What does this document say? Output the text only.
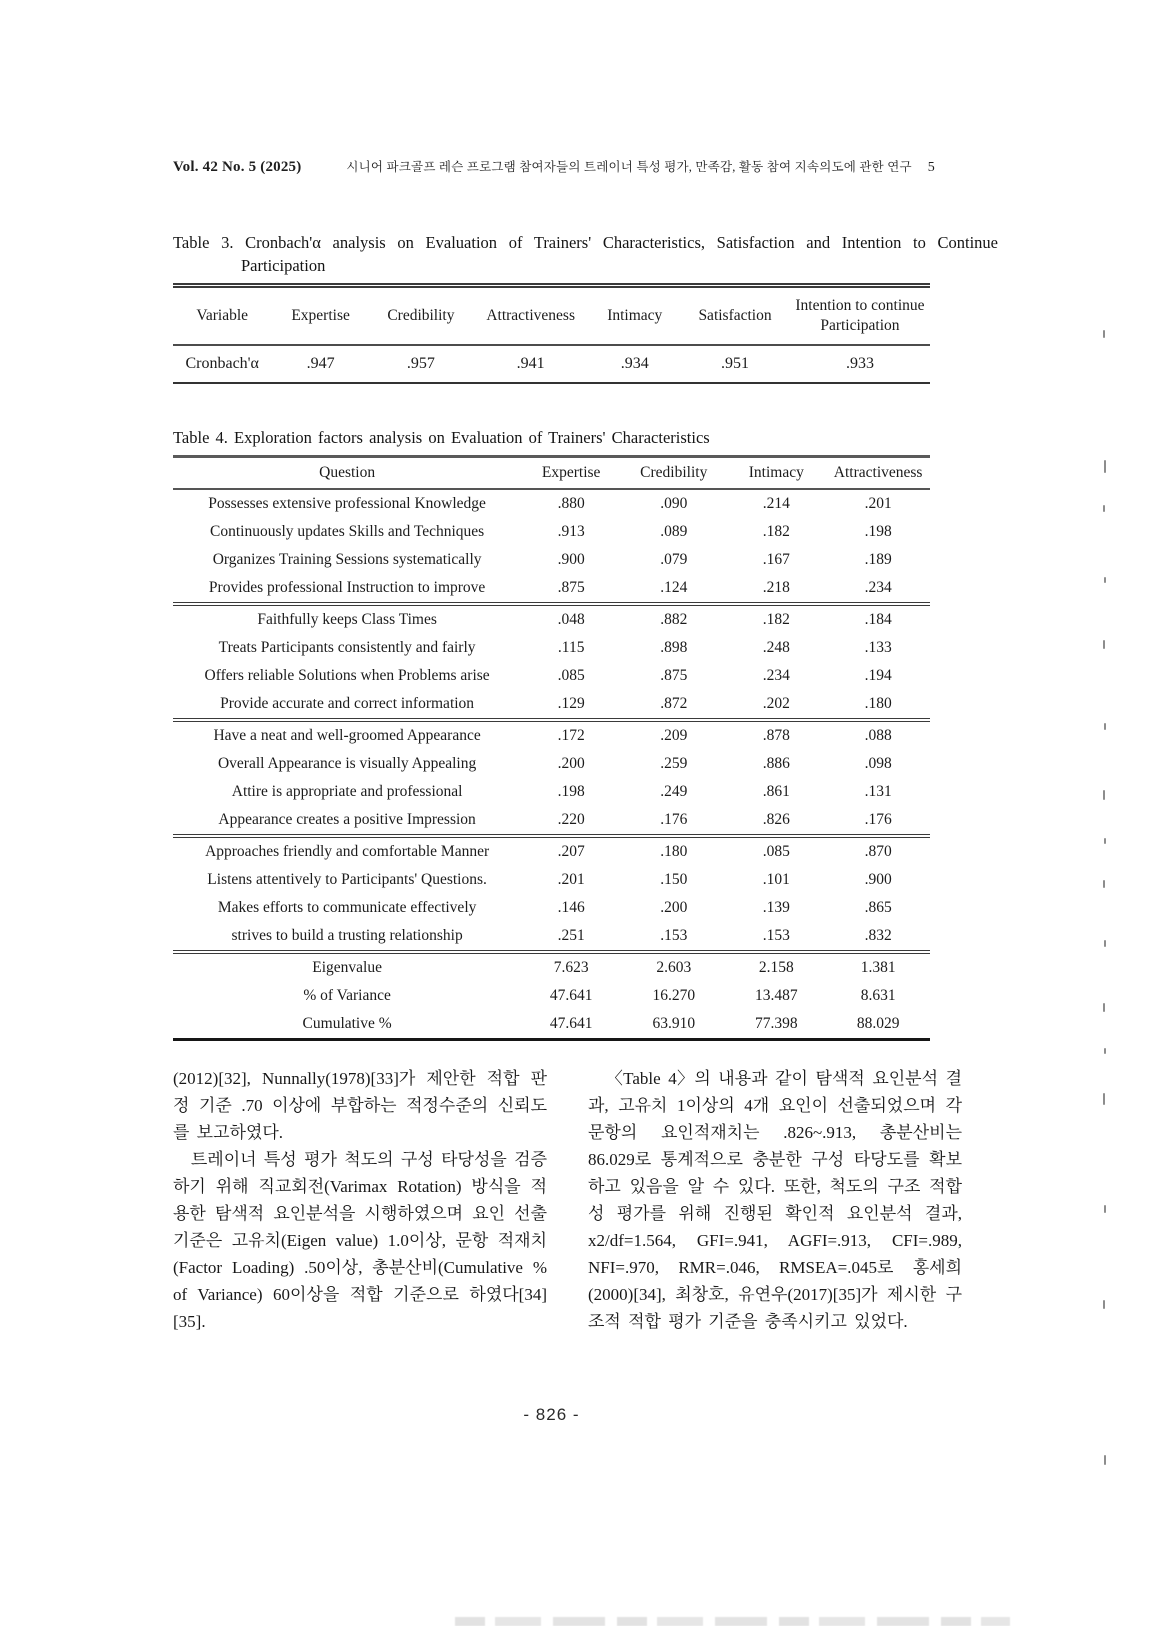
Vol. 42 No. 5 (2025)	시니어 파크골프 레슨 프로그램 참여자들의 트레이너 특성 평가, 만족감, 활동 참여 지속의도에 관한 연구 5
Table 3. Cronbach'α analysis on Evaluation of Trainers' Characteristics, Satisfaction and Intention to Continue Participation
Variable	Expertise	Credibility	Attractiveness	Intimacy	Satisfaction	Intention to continue Participation
Cronbach'α	.947	.957	.941	.934	.951	.933
Table 4. Exploration factors analysis on Evaluation of Trainers' Characteristics
Question	Expertise	Credibility	Intimacy	Attractiveness
Possesses extensive professional Knowledge	.880	.090	.214	.201
Continuously updates Skills and Techniques	.913	.089	.182	.198
Organizes Training Sessions systematically	.900	.079	.167	.189
Provides professional Instruction to improve	.875	.124	.218	.234
Faithfully keeps Class Times	.048	.882	.182	.184
Treats Participants consistently and fairly	.115	.898	.248	.133
Offers reliable Solutions when Problems arise	.085	.875	.234	.194
Provide accurate and correct information	.129	.872	.202	.180
Have a neat and well-groomed Appearance	.172	.209	.878	.088
Overall Appearance is visually Appealing	.200	.259	.886	.098
Attire is appropriate and professional	.198	.249	.861	.131
Appearance creates a positive Impression	.220	.176	.826	.176
Approaches friendly and comfortable Manner	.207	.180	.085	.870
Listens attentively to Participants' Questions.	.201	.150	.101	.900
Makes efforts to communicate effectively	.146	.200	.139	.865
strives to build a trusting relationship	.251	.153	.153	.832
Eigenvalue	7.623	2.603	2.158	1.381
% of Variance	47.641	16.270	13.487	8.631
Cumulative %	47.641	63.910	77.398	88.029

(2012)[32], Nunnally(1978)[33]가 제안한 적합 판정 기준 .70 이상에 부합하는 적정수준의 신뢰도를 보고하였다.

트레이너 특성 평가 척도의 구성 타당성을 검증하기 위해 직교회전(Varimax Rotation) 방식을 적용한 탐색적 요인분석을 시행하였으며 요인 선출 기준은 고유치(Eigen value) 1.0이상, 문항 적재치(Factor Loading) .50이상, 총분산비(Cumulative % of Variance) 60이상을 적합 기준으로 하였다[34][35].

〈Table 4〉의 내용과 같이 탐색적 요인분석 결과, 고유치 1이상의 4개 요인이 선출되었으며 각 문항의 요인적재치는 .826~.913, 총분산비는 86.029로 통계적으로 충분한 구성 타당도를 확보하고 있음을 알 수 있다. 또한, 척도의 구조 적합성 평가를 위해 진행된 확인적 요인분석 결과, x2/df=1.564, GFI=.941, AGFI=.913, CFI=.989, NFI=.970, RMR=.046, RMSEA=.045로 홍세희(2000)[34], 최창호, 유연우(2017)[35]가 제시한 구조적 적합 평가 기준을 충족시키고 있었다.

- 826 -
